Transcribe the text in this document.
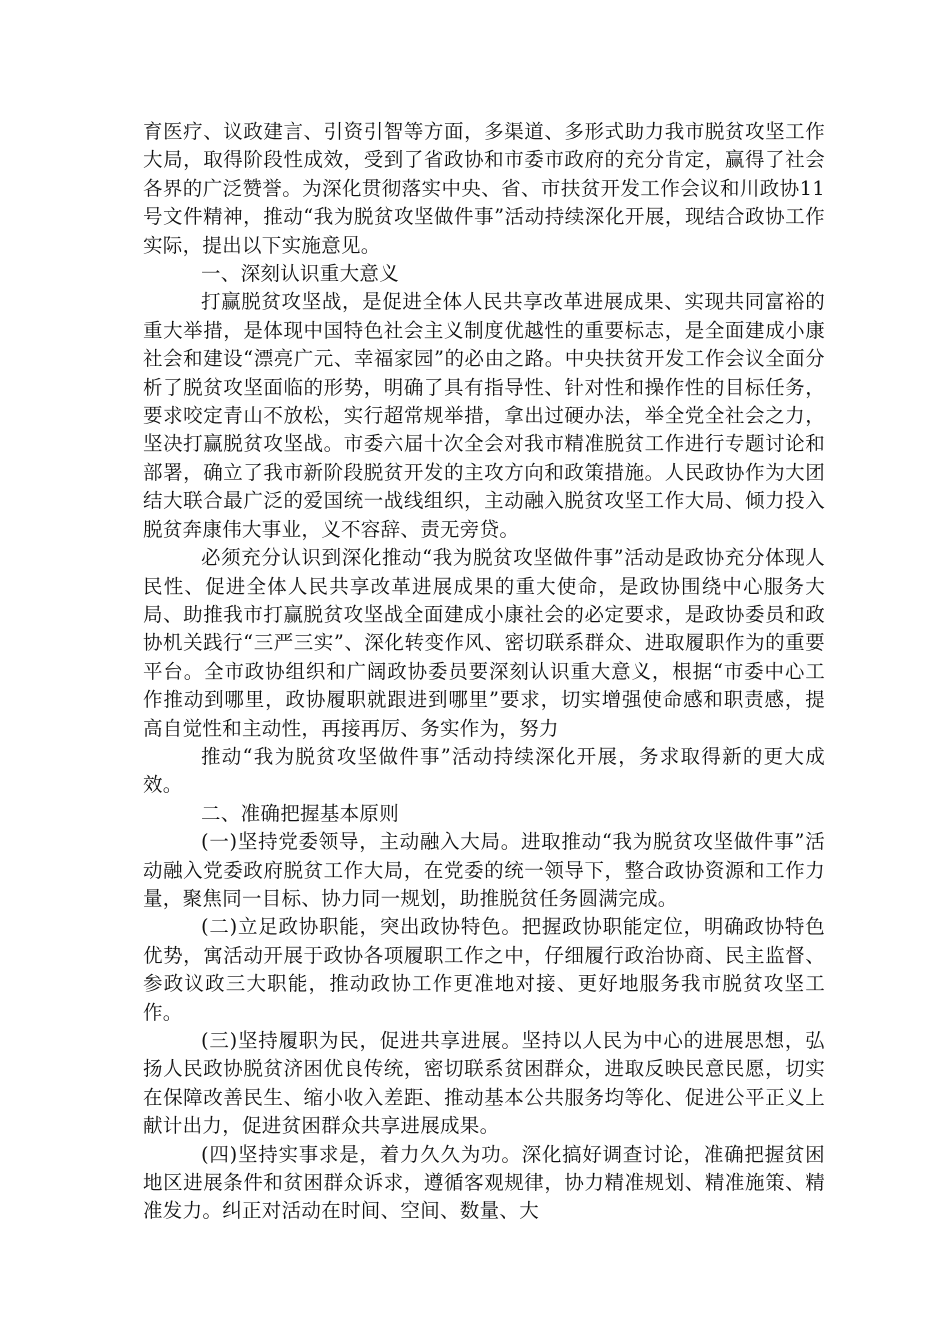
育医疗、议政建言、引资引智等方面，多渠道、多形式助力我市脱贫攻坚工作大局，取得阶段性成效，受到了省政协和市委市政府的充分肯定，赢得了社会各界的广泛赞誉。为深化贯彻落实中央、省、市扶贫开发工作会议和川政协11号文件精神，推动“我为脱贫攻坚做件事”活动持续深化开展，现结合政协工作实际，提出以下实施意见。

一、深刻认识重大意义

打赢脱贫攻坚战，是促进全体人民共享改革进展成果、实现共同富裕的重大举措，是体现中国特色社会主义制度优越性的重要标志，是全面建成小康社会和建设“漂亮广元、幸福家园”的必由之路。中央扶贫开发工作会议全面分析了脱贫攻坚面临的形势，明确了具有指导性、针对性和操作性的目标任务，要求咬定青山不放松，实行超常规举措，拿出过硬办法，举全党全社会之力，坚决打赢脱贫攻坚战。市委六届十次全会对我市精准脱贫工作进行专题讨论和部署，确立了我市新阶段脱贫开发的主攻方向和政策措施。人民政协作为大团结大联合最广泛的爱国统一战线组织，主动融入脱贫攻坚工作大局、倾力投入脱贫奔康伟大事业，义不容辞、责无旁贷。

必须充分认识到深化推动“我为脱贫攻坚做件事”活动是政协充分体现人民性、促进全体人民共享改革进展成果的重大使命，是政协围绕中心服务大局、助推我市打赢脱贫攻坚战全面建成小康社会的必定要求，是政协委员和政协机关践行“三严三实”、深化转变作风、密切联系群众、进取履职作为的重要平台。全市政协组织和广阔政协委员要深刻认识重大意义，根据“市委中心工作推动到哪里，政协履职就跟进到哪里”要求，切实增强使命感和职责感，提高自觉性和主动性，再接再厉、务实作为，努力

推动“我为脱贫攻坚做件事”活动持续深化开展，务求取得新的更大成效。

二、准确把握基本原则

(一)坚持党委领导，主动融入大局。进取推动“我为脱贫攻坚做件事”活动融入党委政府脱贫工作大局，在党委的统一领导下，整合政协资源和工作力量，聚焦同一目标、协力同一规划，助推脱贫任务圆满完成。

(二)立足政协职能，突出政协特色。把握政协职能定位，明确政协特色优势，寓活动开展于政协各项履职工作之中，仔细履行政治协商、民主监督、参政议政三大职能，推动政协工作更准地对接、更好地服务我市脱贫攻坚工作。

(三)坚持履职为民，促进共享进展。坚持以人民为中心的进展思想，弘扬人民政协脱贫济困优良传统，密切联系贫困群众，进取反映民意民愿，切实在保障改善民生、缩小收入差距、推动基本公共服务均等化、促进公平正义上献计出力，促进贫困群众共享进展成果。

(四)坚持实事求是，着力久久为功。深化搞好调查讨论，准确把握贫困地区进展条件和贫困群众诉求，遵循客观规律，协力精准规划、精准施策、精准发力。纠正对活动在时间、空间、数量、大
